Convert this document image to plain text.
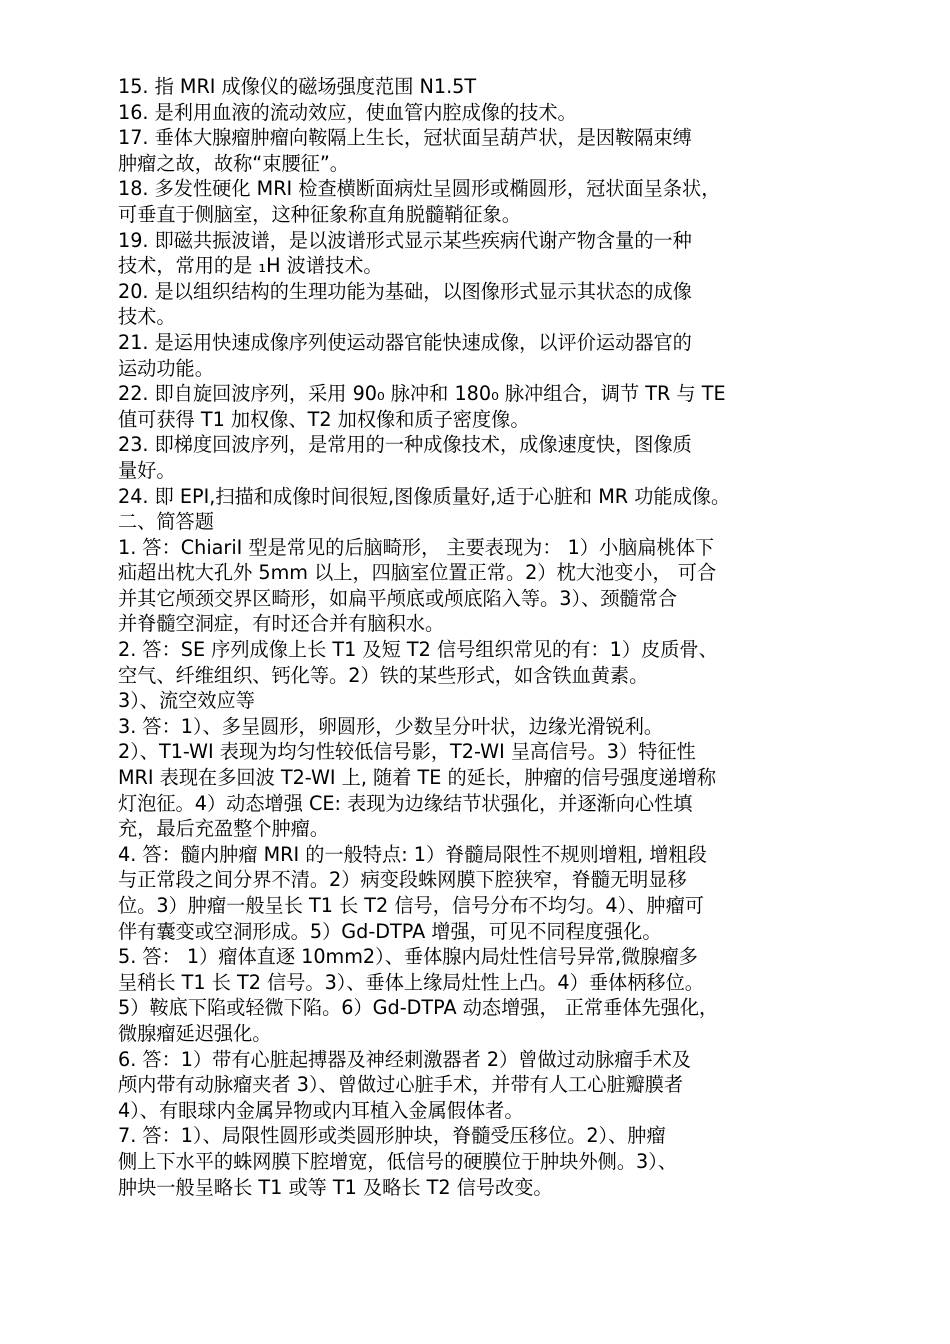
15. 指 MRI 成像仪的磁场强度范围 N1.5T
16. 是利用血液的流动效应，使血管内腔成像的技术。
17. 垂体大腺瘤肿瘤向鞍隔上生长，冠状面呈葫芦状，是因鞍隔束缚
肿瘤之故，故称“束腰征”。
18. 多发性硬化 MRI 检查横断面病灶呈圆形或椭圆形，冠状面呈条状，
可垂直于侧脑室，这种征象称直角脱髓鞘征象。
19. 即磁共振波谱，是以波谱形式显示某些疾病代谢产物含量的一种
技术，常用的是 ₁H 波谱技术。
20. 是以组织结构的生理功能为基础，以图像形式显示其状态的成像
技术。
21. 是运用快速成像序列使运动器官能快速成像，以评价运动器官的
运动功能。
22. 即自旋回波序列，采用 90₀ 脉冲和 180₀ 脉冲组合，调节 TR 与 TE
值可获得 T1 加权像、T2 加权像和质子密度像。
23. 即梯度回波序列，是常用的一种成像技术，成像速度快，图像质
量好。
24. 即 EPI,扫描和成像时间很短,图像质量好,适于心脏和 MR 功能成像。
二、简答题
1. 答：ChiariI 型是常见的后脑畸形， 主要表现为： 1）小脑扁桃体下
疝超出枕大孔外 5mm 以上，四脑室位置正常。2）枕大池变小， 可合
并其它颅颈交界区畸形，如扁平颅底或颅底陷入等。3）、颈髓常合
并脊髓空洞症，有时还合并有脑积水。
2. 答：SE 序列成像上长 T1 及短 T2 信号组织常见的有：1）皮质骨、
空气、纤维组织、钙化等。2）铁的某些形式，如含铁血黄素。
3）、流空效应等
3. 答：1）、多呈圆形，卵圆形，少数呈分叶状，边缘光滑锐利。
2）、T1-WI 表现为均匀性较低信号影，T2-WI 呈高信号。3）特征性
MRI 表现在多回波 T2-WI 上, 随着 TE 的延长，肿瘤的信号强度递增称
灯泡征。4）动态增强 CE: 表现为边缘结节状强化，并逐渐向心性填
充，最后充盈整个肿瘤。
4. 答：髓内肿瘤 MRI 的一般特点: 1）脊髓局限性不规则增粗, 增粗段
与正常段之间分界不清。2）病变段蛛网膜下腔狭窄，脊髓无明显移
位。3）肿瘤一般呈长 T1 长 T2 信号，信号分布不均匀。4）、肿瘤可
伴有囊变或空洞形成。5）Gd-DTPA 增强，可见不同程度强化。
5. 答： 1）瘤体直逐 10mm2）、垂体腺内局灶性信号异常,微腺瘤多
呈稍长 T1 长 T2 信号。3）、垂体上缘局灶性上凸。4）垂体柄移位。
5）鞍底下陷或轻微下陷。6）Gd-DTPA 动态增强， 正常垂体先强化，
微腺瘤延迟强化。
6. 答：1）带有心脏起搏器及神经刺激器者 2）曾做过动脉瘤手术及
颅内带有动脉瘤夹者 3）、曾做过心脏手术，并带有人工心脏瓣膜者
4）、有眼球内金属异物或内耳植入金属假体者。
7. 答：1）、局限性圆形或类圆形肿块，脊髓受压移位。2）、肿瘤
侧上下水平的蛛网膜下腔增宽，低信号的硬膜位于肿块外侧。3）、
肿块一般呈略长 T1 或等 T1 及略长 T2 信号改变。
